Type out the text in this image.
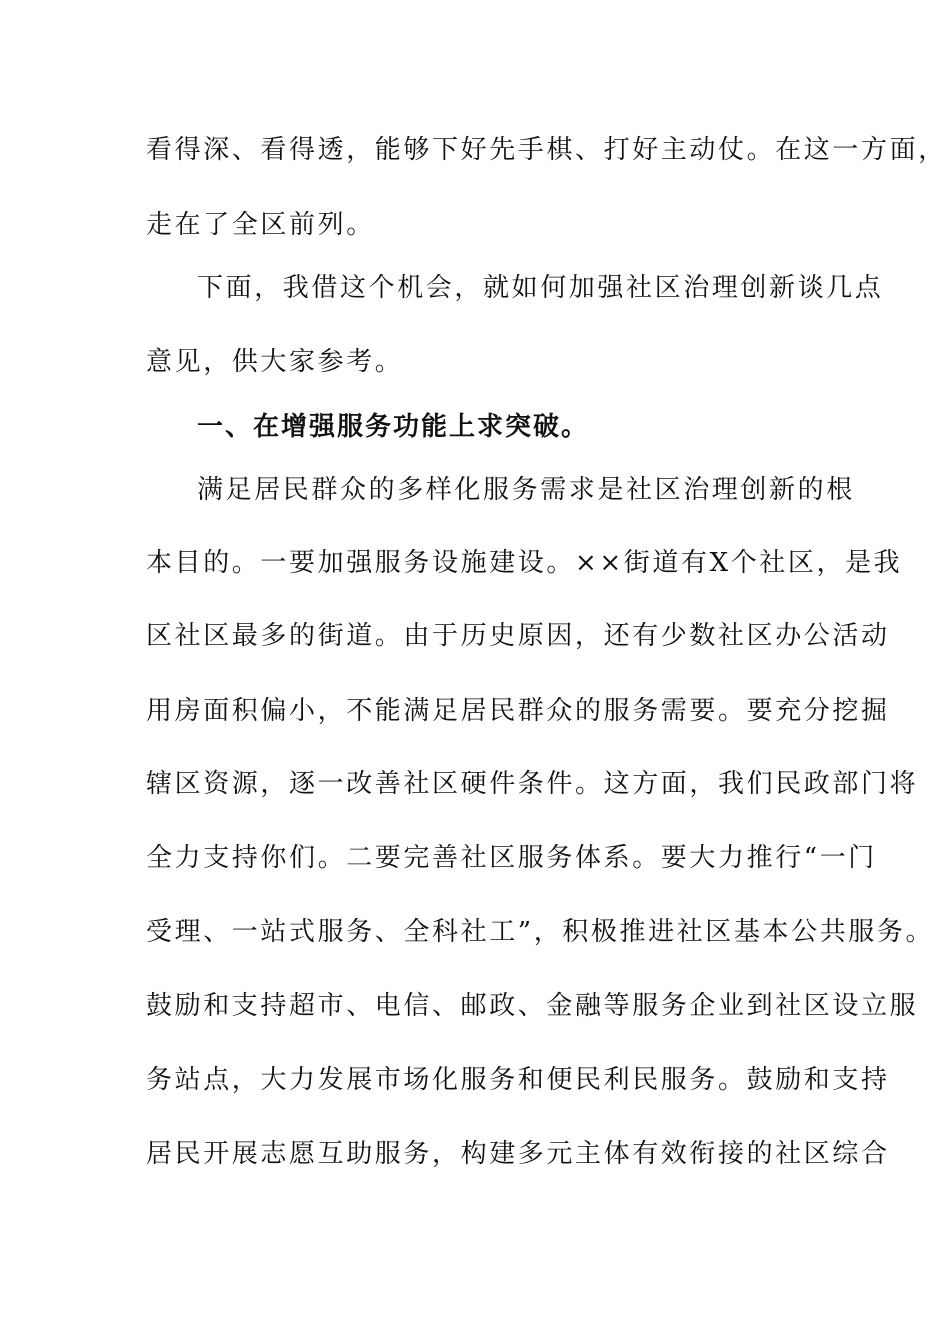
看得深、看得透，能够下好先手棋、打好主动仗。在这一方面，
走在了全区前列。
下面，我借这个机会，就如何加强社区治理创新谈几点
意见，供大家参考。
一、在增强服务功能上求突破。
满足居民群众的多样化服务需求是社区治理创新的根
本目的。一要加强服务设施建设。××街道有X个社区，是我
区社区最多的街道。由于历史原因，还有少数社区办公活动
用房面积偏小，不能满足居民群众的服务需要。要充分挖掘
辖区资源，逐一改善社区硬件条件。这方面，我们民政部门将
全力支持你们。二要完善社区服务体系。要大力推行“一门
受理、一站式服务、全科社工”，积极推进社区基本公共服务。
鼓励和支持超市、电信、邮政、金融等服务企业到社区设立服
务站点，大力发展市场化服务和便民利民服务。鼓励和支持
居民开展志愿互助服务，构建多元主体有效衔接的社区综合
